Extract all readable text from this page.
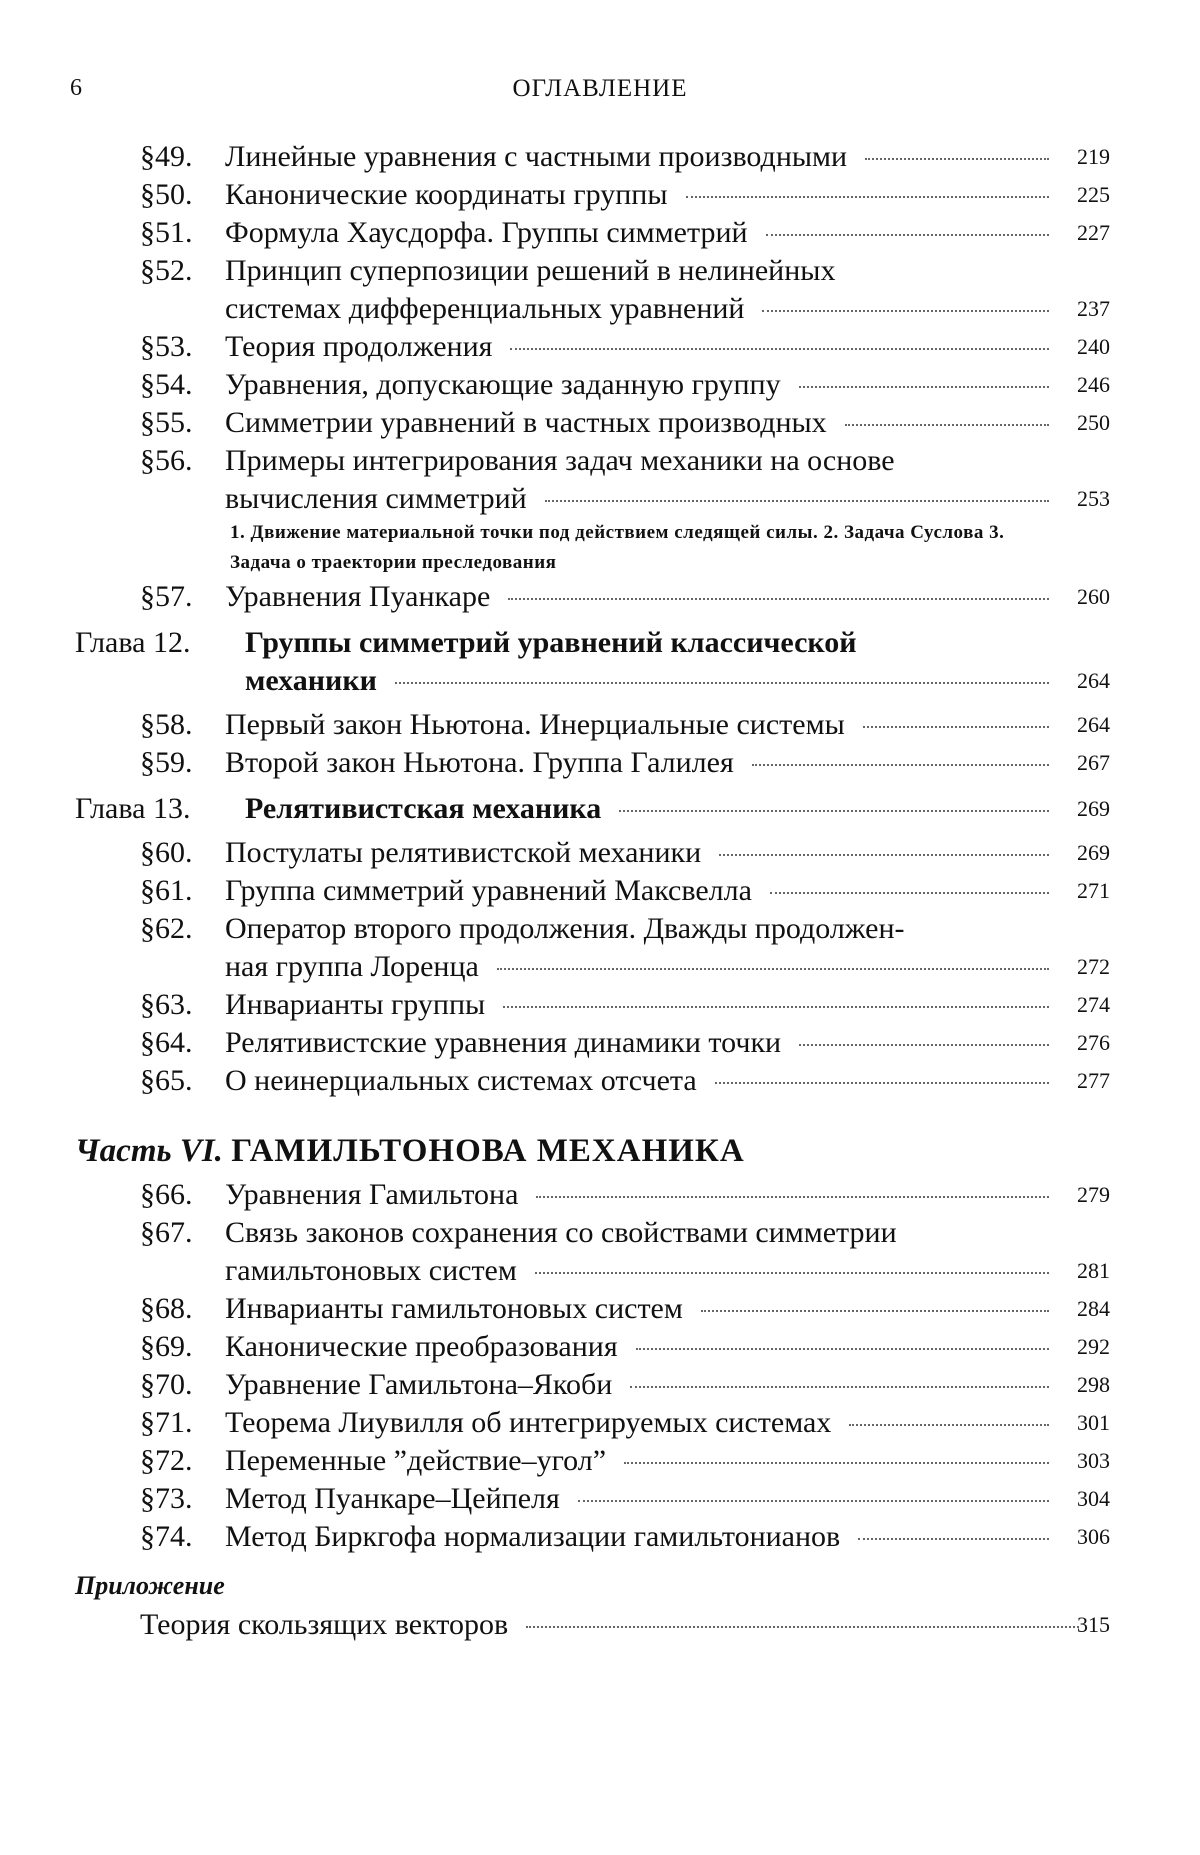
6	ОГЛАВЛЕНИЕ
§49. Линейные уравнения с частными производными	219
§50. Канонические координаты группы	225
§51. Формула Хаусдорфа. Группы симметрий	227
§52. Принцип суперпозиции решений в нелинейных
системах дифференциальных уравнений	237
§53. Теория продолжения	240
§54. Уравнения, допускающие заданную группу	246
§55. Симметрии уравнений в частных производных	250
§56. Примеры интегрирования задач механики на основе
вычисления симметрий	253
1. Движение материальной точки под действием следящей силы. 2. Задача Суслова 3. Задача о траектории преследования
§57. Уравнения Пуанкаре	260
Глава 12. Группы симметрий уравнений классической
механики	264
§58. Первый закон Ньютона. Инерциальные системы	264
§59. Второй закон Ньютона. Группа Галилея	267
Глава 13. Релятивистская механика	269
§60. Постулаты релятивистской механики	269
§61. Группа симметрий уравнений Максвелла	271
§62. Оператор второго продолжения. Дважды продолжен-
ная группа Лоренца	272
§63. Инварианты группы	274
§64. Релятивистские уравнения динамики точки	276
§65. О неинерциальных системах отсчета	277
Часть VI. ГАМИЛЬТОНОВА МЕХАНИКА
§66. Уравнения Гамильтона	279
§67. Связь законов сохранения со свойствами симметрии
гамильтоновых систем	281
§68. Инварианты гамильтоновых систем	284
§69. Канонические преобразования	292
§70. Уравнение Гамильтона–Якоби	298
§71. Теорема Лиувилля об интегрируемых системах	301
§72. Переменные ”действие–угол”	303
§73. Метод Пуанкаре–Цейпеля	304
§74. Метод Биркгофа нормализации гамильтонианов	306
Приложение
Теория скользящих векторов	315
